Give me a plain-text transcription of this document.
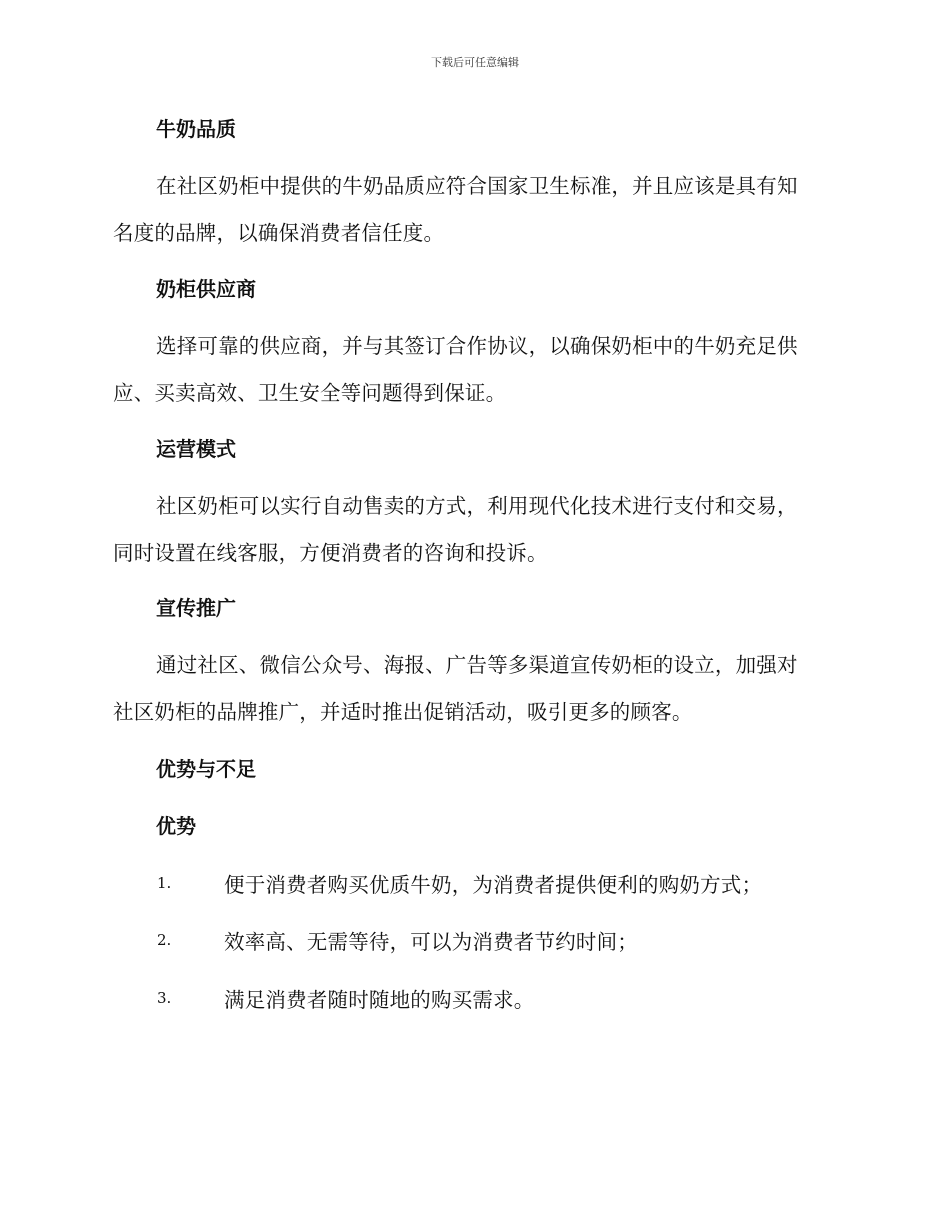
下载后可任意编辑
牛奶品质
在社区奶柜中提供的牛奶品质应符合国家卫生标准，并且应该是具有知
名度的品牌，以确保消费者信任度。
奶柜供应商
选择可靠的供应商，并与其签订合作协议，以确保奶柜中的牛奶充足供
应、买卖高效、卫生安全等问题得到保证。
运营模式
社区奶柜可以实行自动售卖的方式，利用现代化技术进行支付和交易，
同时设置在线客服，方便消费者的咨询和投诉。
宣传推广
通过社区、微信公众号、海报、广告等多渠道宣传奶柜的设立，加强对
社区奶柜的品牌推广，并适时推出促销活动，吸引更多的顾客。
优势与不足
优势
1.	便于消费者购买优质牛奶，为消费者提供便利的购奶方式；
2.	效率高、无需等待，可以为消费者节约时间；
3.	满足消费者随时随地的购买需求。
